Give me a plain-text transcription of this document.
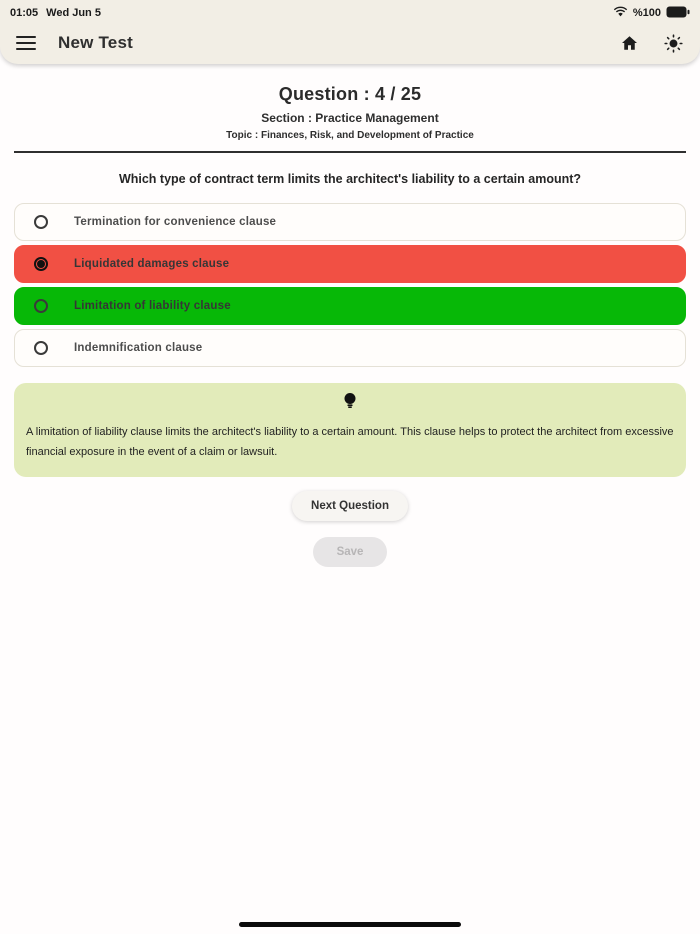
01:05 Wed Jun 5	%100
New Test
Question : 4 / 25
Section : Practice Management
Topic : Finances, Risk, and Development of Practice
Which type of contract term limits the architect's liability to a certain amount?
Termination for convenience clause
Liquidated damages clause
Limitation of liability clause
Indemnification clause
A limitation of liability clause limits the architect's liability to a certain amount. This clause helps to protect the architect from excessive financial exposure in the event of a claim or lawsuit.
Next Question
Save
